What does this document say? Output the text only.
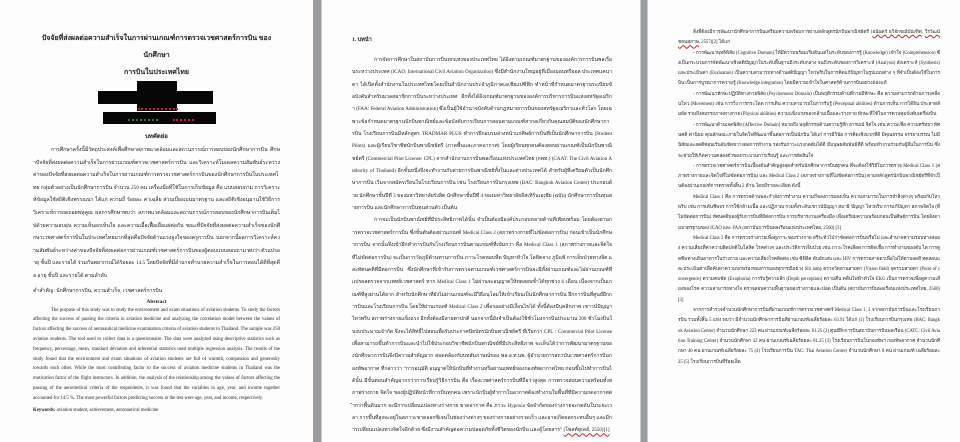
ปัจจัยที่ส่งผลต่อความสำเร็จในการผ่านเกณฑ์การตรวจเวชศาสตร์การบิน ของนักศึกษา
การบินในประเทศไทย
บทคัดย่อ

การศึกษาครั้งนี้มีวัตถุประสงค์เพื่อศึกษาสภาพแวดล้อมและสถานการณ์การสอบของนักศึกษาการบิน ศึกษาปัจจัยที่ส่งผลต่อความสำเร็จในการผ่านเกณฑ์ตรวจเวชศาสตร์การบิน และวิเคราะห์โมเดลความสัมพันธ์ระหว่างค่าของปัจจัยที่ส่งผลต่อความสำเร็จในการผ่านเกณฑ์การตรวจเวชศาสตร์การบินของนักศึกษาการบินในประเทศไทย กลุ่มตัวอย่างเป็นนักศึกษาการบิน จำนวน 250 คน เครื่องมือที่ใช้ในการเก็บข้อมูล คือ แบบสอบถาม การวิเคราะห์ข้อมูลใช้สถิติเชิงพรรณนา ได้แก่ ความถี่ ร้อยละ ค่าเฉลี่ย ส่วนเบี่ยงเบนมาตรฐาน และสถิติเชิงอนุมานใช้วิธีการวิเคราะห์การถดถอยพหุคูณ ผลการศึกษาพบว่า สภาพแวดล้อมและสถานการณ์การสอบของนักศึกษาการบินเต็มไปด้วยความอบอุ่น ความเห็นอกเห็นใจ และความเอื้อเฟื้อเผื่อแผ่ต่อกัน ขณะที่ปัจจัยที่ส่งผลต่อความสำเร็จของนักศึกษาเวชศาสตร์การบินในประเทศไทยมากที่สุดคือปัจจัยด้านแรงจูงใจของครูการบิน นอกจากนี้ผลการวิเคราะห์ความสัมพันธ์ระหว่างค่าของปัจจัยที่ส่งผลต่อการผ่านเกณฑ์เวชศาสตร์การบินของผู้ตอบแบบสอบถาม พบว่า ตัวแปรอายุ ชั้นปี และรายได้ ร่วมกันพยากรณ์ได้ร้อยละ 14.5 โดยปัจจัยที่มีอำนาจทำนายความสำเร็จในการสอบได้ดีที่สุดคือ อายุ ชั้นปี และรายได้ ตามลำดับ

คำสำคัญ: นักศึกษาการบิน, ความสำเร็จ, เวชศาสตร์การบิน

Abstract

The purpose of this study was to study the environment and exam situations of aviation students. To study the factors affecting the success of passing the criteria in aviation medicine and analyzing the correlation model between the values of factors affecting the success of aeronautical medicine examination criteria of aviation students in Thailand. The sample was 250 aviation students. The tool used to collect data is a questionnaire. The data were analyzed using descriptive statistics such as frequency, percentage, mean, standard deviation and inferential statistics used multiple regression analysis. The results of the study found that the environment and exam situations of aviation students are full of warmth, compassion and generosity towards each other. While the most contributing factor to the success of aviation medicine students in Thailand was the motivation factor of the flight instructors. In addition, the analysis of the relationship among the values of factors affecting the passing of the aeromedical criteria of the respondents, it was found that the variables in age, year, and income together accounted for 14.5 %. The most powerful factors predicting success in the test were age, year, and income, respectively.

Keywords: aviation student, achievement, aeronautical medicine

1. บทนำ

การจัดการศึกษาในสถาบันการบินทุกแห่งของประเทศไทย ได้อิงตามเกณฑ์มาตรฐานขององค์การการบินพลเรือนระหว่างประเทศ (ICAO: International Civil Aviation Organization) ซึ่งมีสำนักงานใหญ่อยู่ที่เมืองมอนทรีออล ประเทศแคนาดา ได้เปิดตั้งสำนักงานในประเทศไทยโดยเป็นสำนักงานประจำภูมิภาคเอเชียแปซิฟิก ทำหน้าที่กำหนดมาตรฐานระเบียบข้อบังคับสำหรับมวลสมาชิกการบินระหว่างประเทศ อีกทั้งได้อิงเกณฑ์มาตรฐานขององค์การบริหารการบินแห่งสหรัฐอเมริกา (FAA: Federal Aviation Administration) ซึ่งเป็นผู้ใช้อำนาจบังคับด้านกฎหมายการบินของสหรัฐอเมริกาและทั่วโลก โดยเฉพาะข้อกำหนดมาตรฐานนักบินพาณิชย์และข้อบังคับการเรียนการสอนตามเกณฑ์สากลเกี่ยวกับคุณสมบัติของนักศึกษาการบิน โรงเรียนการบินมีหลักสูตร TRADMAR PLUS ทำการฝึกอบรมล่วงหน้าแก่ศิษย์การบินที่เป็นนักศึกษาการบิน (Student Pilots) และผู้เรียนวิชาชีพนักบินพาณิชย์ตรี (ภาคพื้นและภาคอากาศ) โดยผู้เรียนทุกคนต้องสอบผ่านเกณฑ์เป็นนักบินพาณิชย์ตรี (Commercial Pilot License: CPL) จากสำนักงานการบินพลเรือนแห่งประเทศไทย (กพท.) (CAAT: The Civil Aviation Authority of Thailand) อีกขั้นหนึ่งจึงจะทำงานกับสายการบินพาณิชย์ทั้งในและต่างประเทศได้ สำหรับผู้ที่เตรียมตัวเป็นนักศึกษาการบิน เริ่มจากสมัครเรียนในโรงเรียนการบิน เช่น โรงเรียนการบินกรุงเทพ (BAC: Bangkok Aviation Center) ประกอบด้วย นักศึกษาชั้นปีที่ 3 ของมหาวิทยาลัยรังสิต นักศึกษาชั้นปีที่ 4 ของมหาวิทยาลัยอีสเทิร์นเอเชีย (ฉบับ) นักศึกษาการบินทุนสายการบิน และนักศึกษาการบินทุนส่วนตัว เป็นต้น

การจะเป็นนักบินพาณิชย์ที่มีประสิทธิภาพได้นั้น จำเป็นต้องมีองค์ประกอบหลายด้านที่เพียบพร้อม โดยต้องผ่านการตรวจเวชศาสตร์การบิน ซึ่งขั้นต้นต้องผ่านเกณฑ์ Medical Class 2 (สภาพร่างกายที่ไม่ขัดต่อการบิน) ก่อนเข้าเป็นนักศึกษาการบิน จากนั้นจึงเข้าฝึกทำการบินกับโรงเรียนการบินตามเกณฑ์ที่เข้มกว่า คือ Medical Class 1 (สภาพร่างกายและจิตใจที่ไม่ขัดต่อการบิน) จะเป็นการวัดภูมิต้านทานการบิน ภาวะโรคหอบหืด ปัญหาหัวใจ โลหิตจาง ภูมิแพ้ การเจ็บป่วยทางจิต และทัศนคติที่มีต่อการบิน ซึ่งนักศึกษาที่เข้ารับการตรวจตามเกณฑ์เวชศาสตร์การบินจะมีทั้งผ่านเกณฑ์และไม่ผ่านเกณฑ์ที่แปรผลตรวจจากแพทย์เวชศาสตร์ หาก Medical Class 1 ไม่ผ่านจะอนุญาตให้ทดสอบซ้ำได้ทุกช่วง 6 เดือน เนื่องจากเป็นเกณฑ์ที่สูงผ่านได้ยาก สำหรับนักศึกษาที่ยังไม่ผ่านเกณฑ์จะมีวิธีอนุโลมให้เข้าเรียนเป็นนักศึกษาการบิน ฝึกการบินที่ศูนย์ฝึกการบินและโรงเรียนการบิน โดยให้ผ่านเกณฑ์ Medical Class 2 เพื่อรออย่างมีเงื่อนไขได้ ทั้งนี้ต้องมีบุคลิกภาพ เชาวน์ปัญญา ไหวพริบ สภาพร่างกายแข็งแรง อีกทั้งต้องมีสายตาปกติ นอกจากนี้ยังจำเป็นต้องใช้ชั่วโมงการบินประมาณ 200 ชั่วโมงบินในงบประมาณจำกัด จึงจะได้สิทธิ์ไปสอบเพื่อรับประกาศนียบัตรนักบินพาณิชย์ตรี ที่เรียกว่า CPL : Commercial Pilot License เพื่อสามารถขึ้นทำการบินและนำไปใช้ประกอบวิชาชีพนักบินพาณิชย์ที่มีประสิทธิภาพ จะเห็นได้ว่าการพัฒนามาตรฐานของนักศึกษาการบินจึงมีความสำคัญมาก สอดคล้องกับบทสัมภาษณ์ของ พล.อ.ท.นพ. ผู้อำนวยการสถาบันเวชศาสตร์การบินกองทัพอากาศ ที่กล่าวว่า “การอนุมัติ อนุญาตให้นักบินที่ทำงานหรือผ่านแพทย์ของกองทัพอากาศไทย ก่อนขึ้นไปทำการบินได้นั้น มีขั้นตอนสำคัญมากกว่าการเรียนรู้วิธีการบิน คือ เรื่องเวชศาสตร์การบินที่ถือว่าสูงสุด การตรวจสอบความพร้อมทั้งสภาพร่างกาย จิตใจ ของผู้ปฏิบัติหน้าที่การบินทุกคน เพราะนักบินผู้ทำการในอากาศต้องทำงานในพื้นที่ที่มีความกดอากาศต่ำกว่าพื้นดินมาก จะมีการเปลี่ยนแปลงทางร่างกาย ขาดอากาศ คือ ภาวะ Hypoxia ข้อจำกัดของร่างกายจะกดดันในระยะเวลา การขึ้นที่สูงจะอยู่ในสภาวะขาดออกซิเจนในช่องว่างต่างๆ ของร่างกายอย่างรวดเร็ว และอาจเกิดผลกระทบอื่นๆ และมีการเปลี่ยนแปลงทางจิตใจอีกด้วย ซึ่งมีงานสำคัญต่อความปลอดภัยทั้งชีวิตของนักบิน และผู้โดยสาร” (โพสต์ทูเดย์, 2550)[1]

สิ่งที่ต้องมีการพัฒนานักศึกษาการบินเตรียมความพร้อมการผ่านหลักสูตรนักบินพาณิชย์ตรี (อนันตร์ ธุวิจักขณ์บัณฑิต, วีรวัฒน์ ชอนสุภาษ, 2557)[2] ได้แก่

- การพัฒนาพุทธิพิสัย (Cognitive Domain) ให้มีความพร้อมเริ่มต้นแต่ในระดับของการรู้ (Knowledge) เข้าใจ (Comprehension) ซึ่งเป็นกระบวนการจัดพัฒนาเชิงสติปัญญาในระดับพื้นฐานถึงระดับกลาง จนถึงระดับของการวิเคราะห์ (Analysis) สังเคราะห์ (Synthesis) และประเมินค่า (Evaluation) เป็นความสามารถทางด้านสติปัญญา ไหวพริบในการคิดแก้ปัญหาในรูปแบบต่าง ๆ ที่จำเป็นต้องใช้ในการบิน เป็นการบูรณาการความรู้ (Knowledge integration) โดยมีความเข้าใจในศาสตร์ด้านการบินอย่างถ่องแท้

- การพัฒนาทักษะปฏิบัติทางกายพิสัย (Psychomotor Domain) เป็นพฤติกรรมด้านที่กายมีทักษะ คือ ความสามารถด้านการเคลื่อนไหว (Movement) เช่น การวิ่ง การกระโดด การเดิน ความสามารถในการรับรู้ (Perceptual abilities) ด้านการเห็น การได้ยิน ประสาทสัมผัส รวมถึงสมรรถภาพทางกาย (Physical abilities) ความแข็งแรงของกล้ามเนื้อและร่างกาย ทักษะที่ใช้ในการควบคุมบังคับเครื่องบิน

- การพัฒนาด้านเจตพิสัย (Affective Domain) หมายถึง พฤติกรรมด้านความรู้สึก อารมณ์ จิตใจ เช่น ความเชื่อ ความศรัทธา ทัศนคติ ค่านิยม คุณลักษณะภายในจิตใจที่พัฒนาขึ้นต่อการเป็นนักบิน ได้แก่ การมีวินัย การคิดเชิงบวกที่ดี มีคุณธรรม จรรยาบรรณ ไม่มีนิสัยและอคติซ่อนเร้นอันขัดขวางต่อการทำงาน รองรับภาวะแรงกดดันได้ดี มีมนุษยสัมพันธ์ที่ดี พร้อมทำงานร่วมกับผู้อื่นในการบิน ซึ่งจะช่วยให้เกิดความคล่องตัวของกระบวนการเรียนรู้ และการตัดสินใจ

- การตรวจเวชศาสตร์การบินเบื้องต้นสำคัญสูงสุดสำหรับนักศึกษาการบินทุกคน ที่จะต้องใช้วิธีในการตรวจ Medical Class 1 (สภาพร่างกายและจิตใจที่ไม่ขัดต่อการบิน) และ Medical Class 2 (สภาพร่างกายที่ไม่ขัดต่อการบิน) ตามหลักสูตรนักบินพาณิชย์ตรีที่จำเป็นต้องผ่านเกณฑ์การตรวจทั้งสิ้น 2 ด้าน โดยมีรายละเอียด ดังนี้

Medical Class 1 คือ การตรวจด้านพละกำลังการทำงาน ความถี่ของการมองเห็น ความสามารถในการจำสิ่งต่างๆ พร้อมกับไหวพริบ เช่น การเต้นชีพจร การใช้กล้ามเนื้อ และปฏิภาณ รวมทั้งระดับเชาวน์ปัญญา สมาธิ ปัญญา ไหวพริบ การแก้ปัญหา สภาพจิตใจ (ที่ไม่ขัดต่อการบิน) ทัศนคติของผู้รับการบินที่มีต่อการบิน การบริหารงานเครื่องมือ เพื่อเตรียมความพร้อมก่อนเป็นศิษย์การบิน โดยอิงตามมาตรฐานของ ICAO และ FAA (สถาบันการบินพลเรือนแห่งประเทศไทย, 2560) [3]

Medical Class 2 คือ การตรวจร่างกายเพื่อดูภาวะของร่างกาย สรีระทั่วไปว่าขัดต่อการบินหรือไม่ และอำนาจความรอบทางสมอง ความเสี่ยงที่ค่าความผิดปกติในโลหิต โรคต่างๆ และประวัติการเจ็บป่วย เช่น ภาวะโรคเลือด การติดเชื้อ การทำงานของตับ ไต การดูดซึมทางเดินอาหารในร่างกาย และความเสี่ยงโรคติดต่อ เช่น ซิฟิลิส ตับอักเสบ และ HIV การตรวจสายตาเพื่อไม่ให้ตาบอดสี ทดสอบและประเมินค่าเพื่อค้นหาความบกพร่องของการมองทุกกรณีอย่าง Slit lamp ตรวจวัดลานสายตา (Vision field) จุดรวมสายตา (Point of convergence) ความคมชัด (Exophoria) การรับรู้ความลึก (Depth perception) ความตื่น คลื่นไฟฟ้าหัวใจ EKG เป็นการตรวจเพื่อดูความเสี่ยงของโรค ความสามารถทางใจ ตรวจสอบความพื้นฐานของร่างกายและปอด เป็นต้น (สถาบันการบินพลเรือนแห่งประเทศไทย, 2560)[3]

จากการสำรวจจำนวนนักศึกษาการบินที่ผ่านเกณฑ์การตรวจเวชศาสตร์ Medical Class 1, 2 จากสถาบันการบินและโรงเรียนการบิน รวมทั้งสิ้น 5 แห่ง พบว่า มีจำนวนนักศึกษาการบินที่ผ่านเกณฑ์เฉลี่ยร้อยละ 63.91 ได้แก่ (1) โรงเรียนการบินกรุงเทพ (BAC: Bangkok Aviation Center) จำนวนนักศึกษา 223 คน ผ่านเกณฑ์เฉลี่ยร้อยละ 81.25 (2) ศูนย์ฝึกการบินสถาบันการบินพลเรือน (CATC: Civil Aviation Training Center) จำนวนนักศึกษา 42 คน ผ่านเกณฑ์เฉลี่ยร้อยละ 81.25 (3) โรงเรียนการบินในกองทัพฯ กองทัพอากาศ จำนวนนักศึกษา 40 คน ผ่านเกณฑ์เฉลี่ยร้อยละ 75 (4) โรงเรียนการบิน TAC: Thai Aviation Centre) จำนวนนักศึกษา 8 คน ผ่านเกณฑ์ เฉลี่ยร้อยละ 25 (5) โรงเรียนการบินที่ร้อยเอ็ด
